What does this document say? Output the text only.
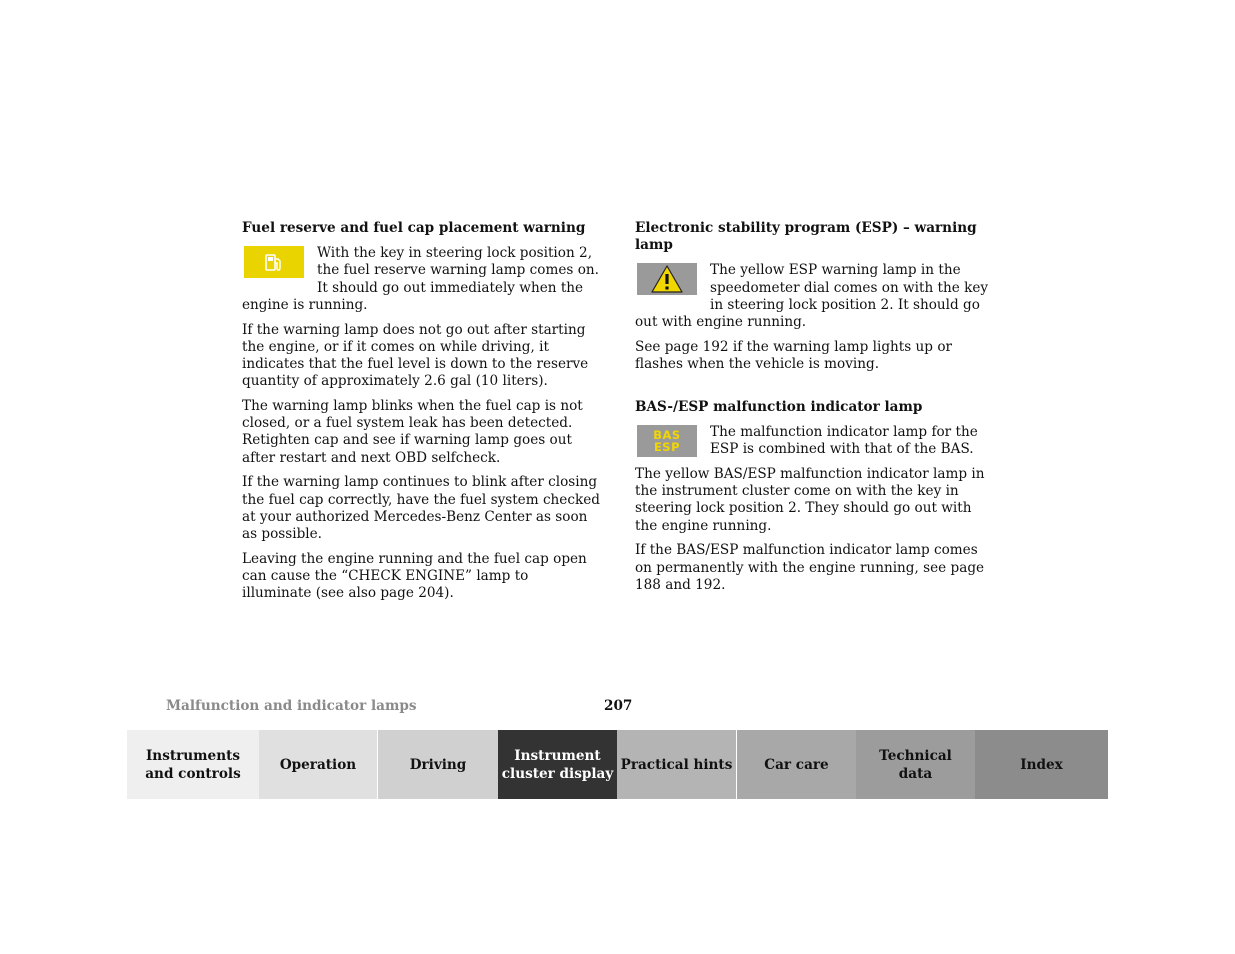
Fuel reserve and fuel cap placement warning

With the key in steering lock position 2, the fuel reserve warning lamp comes on. It should go out immediately when the engine is running.

If the warning lamp does not go out after starting the engine, or if it comes on while driving, it indicates that the fuel level is down to the reserve quantity of approximately 2.6 gal (10 liters).

The warning lamp blinks when the fuel cap is not closed, or a fuel system leak has been detected. Retighten cap and see if warning lamp goes out after restart and next OBD selfcheck.

If the warning lamp continues to blink after closing the fuel cap correctly, have the fuel system checked at your authorized Mercedes-Benz Center as soon as possible.

Leaving the engine running and the fuel cap open can cause the “CHECK ENGINE” lamp to illuminate (see also page 204).

Electronic stability program (ESP) – warning lamp

The yellow ESP warning lamp in the speedometer dial comes on with the key in steering lock position 2. It should go out with engine running.

See page 192 if the warning lamp lights up or flashes when the vehicle is moving.

BAS-/ESP malfunction indicator lamp
BAS
ESP

The malfunction indicator lamp for the ESP is combined with that of the BAS.

The yellow BAS/ESP malfunction indicator lamp in the instrument cluster come on with the key in steering lock position 2. They should go out with the engine running.

If the BAS/ESP malfunction indicator lamp comes on permanently with the engine running, see page 188 and 192.

Malfunction and indicator lamps	207
Instruments
and controls
Operation	Driving
Instrument
cluster display
Practical hints	Car care
Technical
data
Index
